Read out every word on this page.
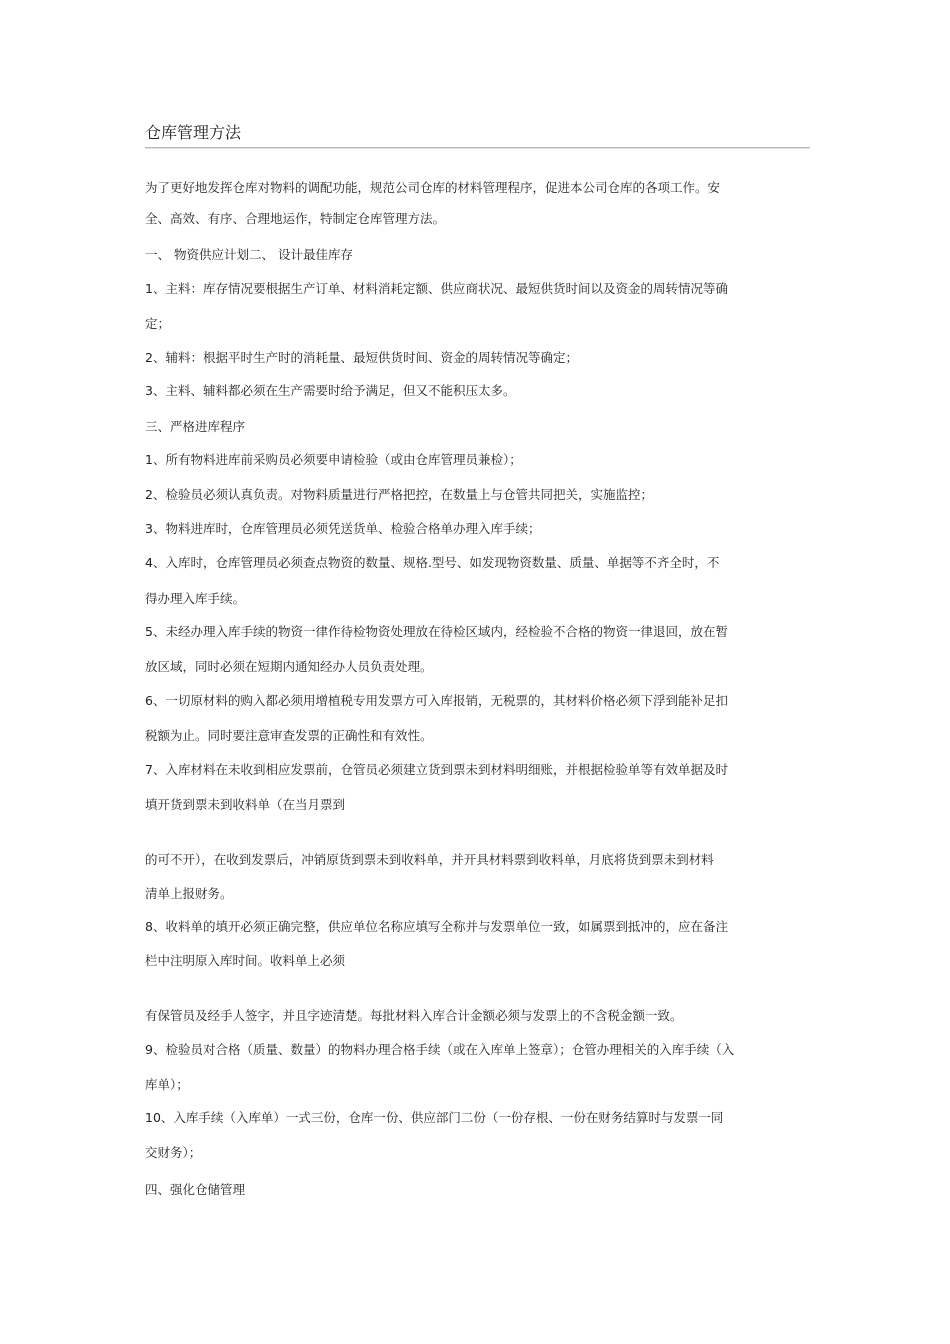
仓库管理方法
为了更好地发挥仓库对物料的调配功能，规范公司仓库的材料管理程序，促进本公司仓库的各项工作。安
全、高效、有序、合理地运作，特制定仓库管理方法。
一、 物资供应计划二、 设计最佳库存
1、主料：库存情况要根据生产订单、材料消耗定额、供应商状况、最短供货时间以及资金的周转情况等确
定；
2、辅料：根据平时生产时的消耗量、最短供货时间、资金的周转情况等确定；
3、主料、辅料都必须在生产需要时给予满足，但又不能积压太多。
三、严格进库程序
1、所有物料进库前采购员必须要申请检验（或由仓库管理员兼检）；
2、检验员必须认真负责。对物料质量进行严格把控，在数量上与仓管共同把关，实施监控；
3、物料进库时，仓库管理员必须凭送货单、检验合格单办理入库手续；
4、入库时，仓库管理员必须查点物资的数量、规格.型号、如发现物资数量、质量、单据等不齐全时，不
得办理入库手续。
5、未经办理入库手续的物资一律作待检物资处理放在待检区域内，经检验不合格的物资一律退回，放在暂
放区域，同时必须在短期内通知经办人员负责处理。
6、一切原材料的购入都必须用增植税专用发票方可入库报销，无税票的，其材料价格必须下浮到能补足扣
税额为止。同时要注意审查发票的正确性和有效性。
7、入库材料在未收到相应发票前，仓管员必须建立货到票未到材料明细账，并根据检验单等有效单据及时
填开货到票未到收料单（在当月票到
的可不开），在收到发票后，冲销原货到票未到收料单，并开具材料票到收料单，月底将货到票未到材料
清单上报财务。
8、收料单的填开必须正确完整，供应单位名称应填写全称并与发票单位一致，如属票到抵冲的，应在备注
栏中注明原入库时间。收料单上必须
有保管员及经手人签字，并且字迹清楚。每批材料入库合计金额必须与发票上的不含税金额一致。
9、检验员对合格（质量、数量）的物料办理合格手续（或在入库单上签章）；仓管办理相关的入库手续（入
库单）；
10、入库手续（入库单）一式三份，仓库一份、供应部门二份（一份存根、一份在财务结算时与发票一同
交财务）；
四、强化仓储管理
